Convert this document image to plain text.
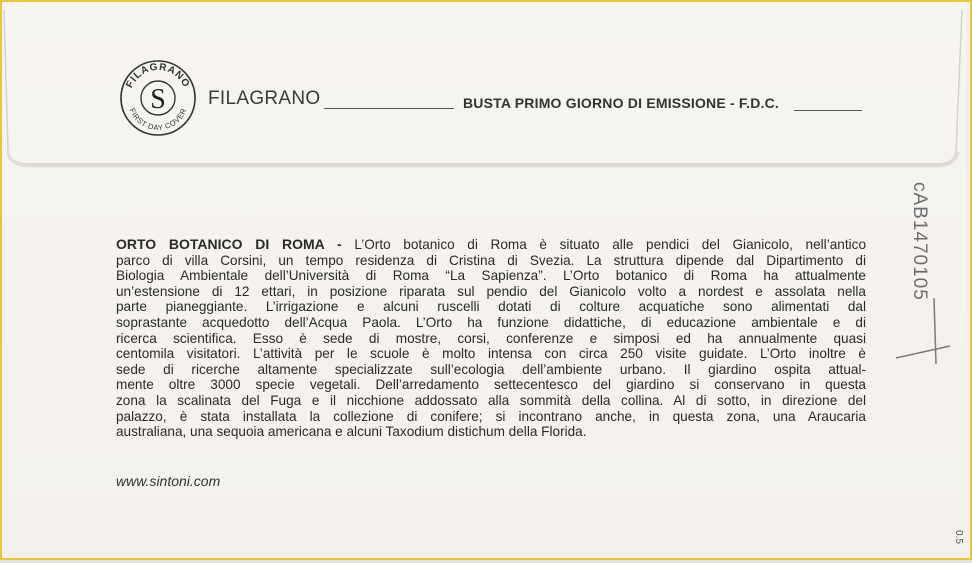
FILAGRANO
FIRST DAY COVER
S FILAGRANO	BUSTA PRIMO GIORNO DI EMISSIONE - F.D.C.

ORTO BOTANICO DI ROMA - L’Orto botanico di Roma è situato alle pendici del Gianicolo, nell’antico

parco di villa Corsini, un tempo residenza di Cristina di Svezia. La struttura dipende dal Dipartimento di

Biologia Ambientale dell’Università di Roma “La Sapienza”. L’Orto botanico di Roma ha attualmente

un’estensione di 12 ettari, in posizione riparata sul pendio del Gianicolo volto a nordest e assolata nella

parte pianeggiante. L’irrigazione e alcuni ruscelli dotati di colture acquatiche sono alimentati dal

soprastante acquedotto dell’Acqua Paola. L’Orto ha funzione didattiche, di educazione ambientale e di

ricerca scientifica. Esso è sede di mostre, corsi, conferenze e simposi ed ha annualmente quasi

centomila visitatori. L’attività per le scuole è molto intensa con circa 250 visite guidate. L’Orto inoltre è

sede di ricerche altamente specializzate sull’ecologia dell’ambiente urbano. Il giardino ospita attual-

mente oltre 3000 specie vegetali. Dell’arredamento settecentesco del giardino si conservano in questa

zona la scalinata del Fuga e il nicchione addossato alla sommità della collina. Al di sotto, in direzione del

palazzo, è stata installata la collezione di conifere; si incontrano anche, in questa zona, una Araucaria

australiana, una sequoia americana e alcuni Taxodium distichum della Florida.

www.sintoni.com
cAB1470105
0.5
